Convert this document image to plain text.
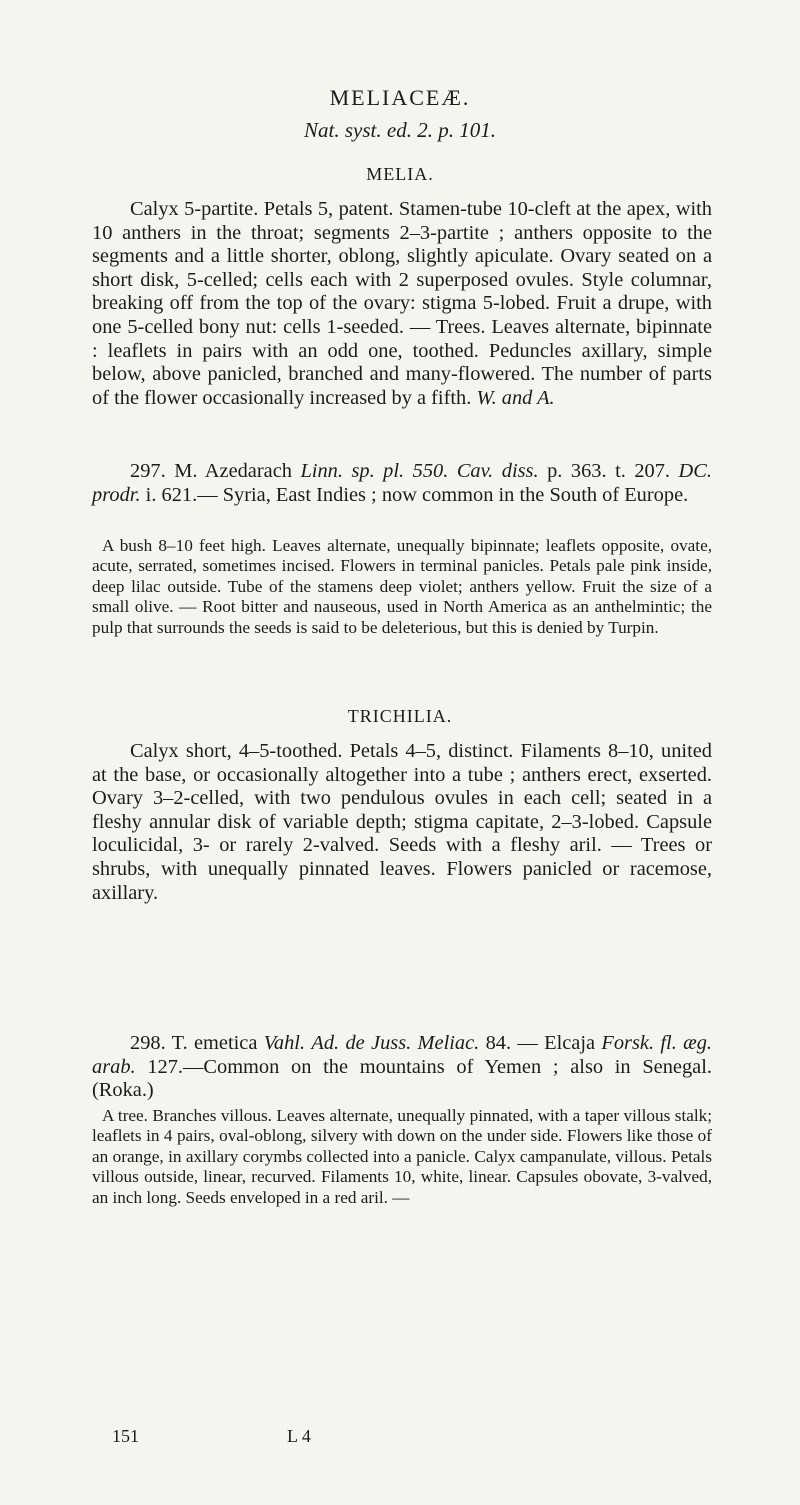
MELIACEÆ.
Nat. syst. ed. 2. p. 101.
MELIA.

Calyx 5-partite. Petals 5, patent. Stamen-tube 10-cleft at the apex, with 10 anthers in the throat; segments 2–3-partite ; anthers opposite to the segments and a little shorter, oblong, slightly apiculate. Ovary seated on a short disk, 5-celled; cells each with 2 superposed ovules. Style columnar, breaking off from the top of the ovary: stigma 5-lobed. Fruit a drupe, with one 5-celled bony nut: cells 1-seeded. — Trees. Leaves alternate, bipinnate : leaflets in pairs with an odd one, toothed. Peduncles axillary, simple below, above panicled, branched and many-flowered. The number of parts of the flower occasionally increased by a fifth. W. and A.

297. M. Azedarach Linn. sp. pl. 550. Cav. diss. p. 363. t. 207. DC. prodr. i. 621.— Syria, East Indies ; now common in the South of Europe.

A bush 8–10 feet high. Leaves alternate, unequally bipinnate; leaflets opposite, ovate, acute, serrated, sometimes incised. Flowers in terminal panicles. Petals pale pink inside, deep lilac outside. Tube of the stamens deep violet; anthers yellow. Fruit the size of a small olive. — Root bitter and nauseous, used in North America as an anthelmintic; the pulp that surrounds the seeds is said to be deleterious, but this is denied by Turpin.

TRICHILIA.

Calyx short, 4–5-toothed. Petals 4–5, distinct. Filaments 8–10, united at the base, or occasionally altogether into a tube ; anthers erect, exserted. Ovary 3–2-celled, with two pendulous ovules in each cell; seated in a fleshy annular disk of variable depth; stigma capitate, 2–3-lobed. Capsule loculicidal, 3- or rarely 2-valved. Seeds with a fleshy aril. — Trees or shrubs, with unequally pinnated leaves. Flowers panicled or racemose, axillary.

298. T. emetica Vahl. Ad. de Juss. Meliac. 84. — Elcaja Forsk. fl. æg. arab. 127.—Common on the mountains of Yemen ; also in Senegal. (Roka.)

A tree. Branches villous. Leaves alternate, unequally pinnated, with a taper villous stalk; leaflets in 4 pairs, oval-oblong, silvery with down on the under side. Flowers like those of an orange, in axillary corymbs collected into a panicle. Calyx campanulate, villous. Petals villous outside, linear, recurved. Filaments 10, white, linear. Capsules obovate, 3-valved, an inch long. Seeds enveloped in a red aril. —

151	L 4
